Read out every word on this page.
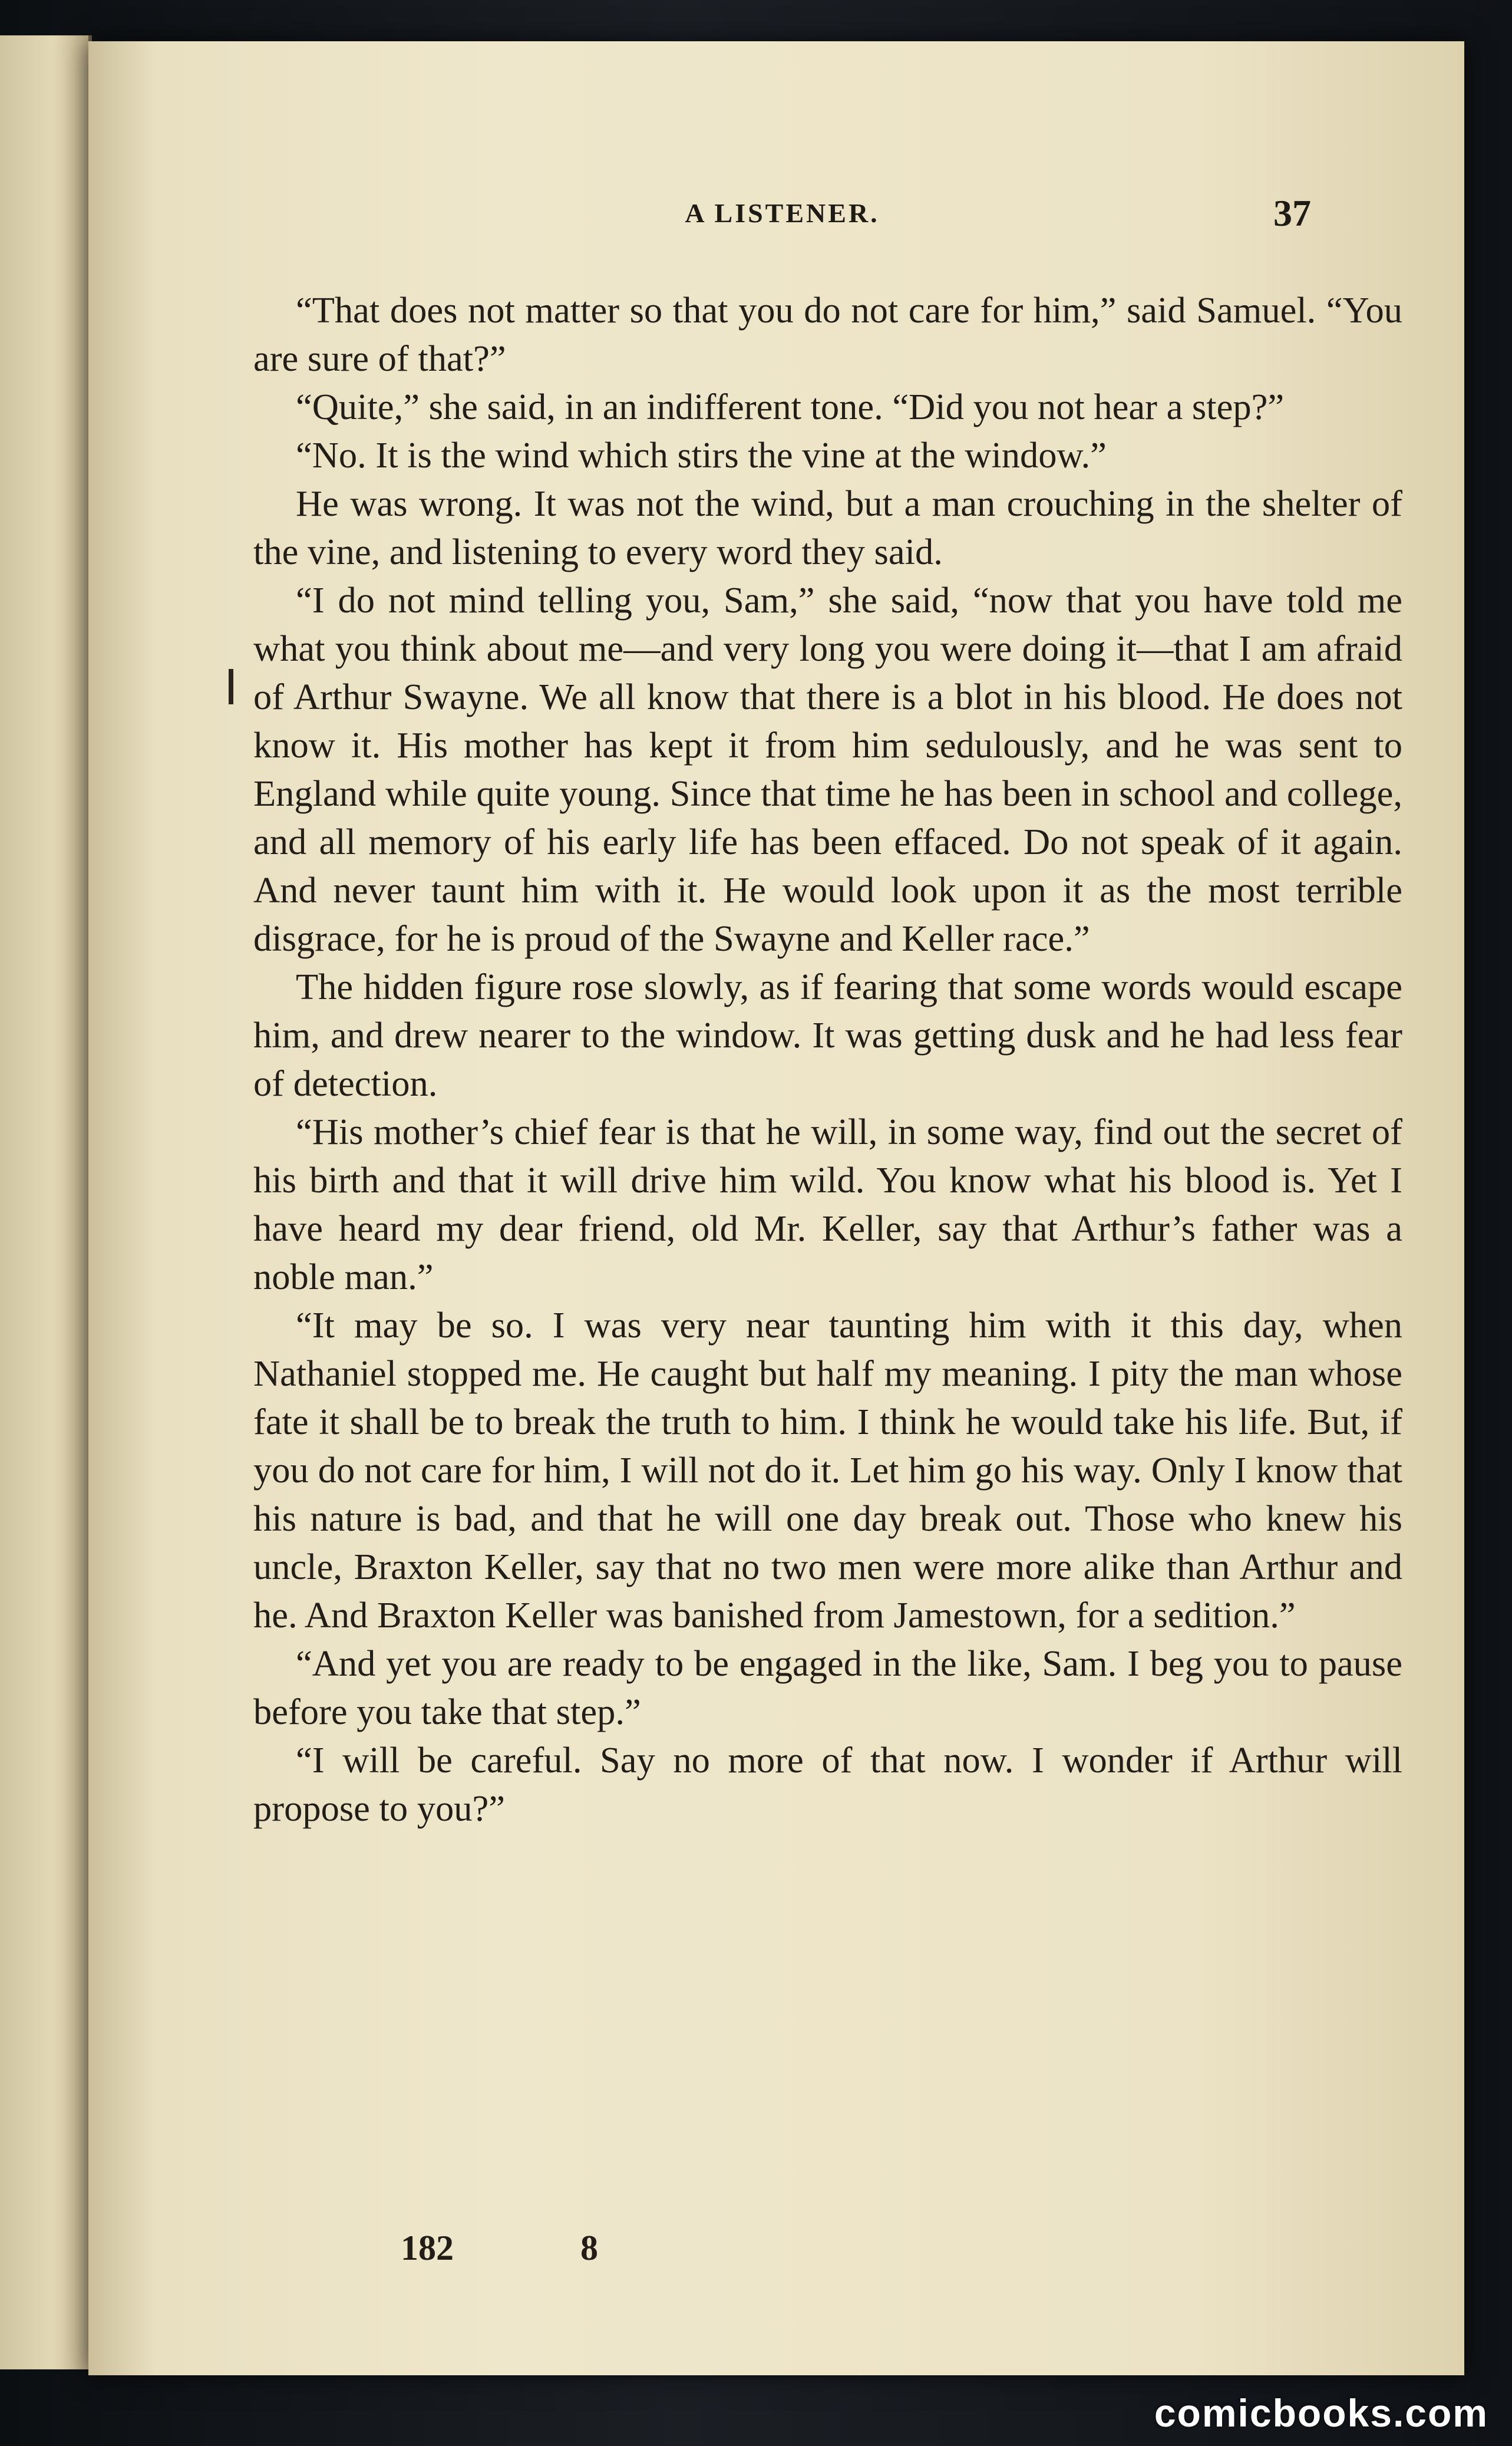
A LISTENER.	37

“That does not matter so that you do not care for him,” said Samuel. “You are sure of that?”

“Quite,” she said, in an indifferent tone. “Did you not hear a step?”

“No. It is the wind which stirs the vine at the window.”

He was wrong. It was not the wind, but a man crouching in the shelter of the vine, and listening to every word they said.

“I do not mind telling you, Sam,” she said, “now that you have told me what you think about me—and very long you were doing it—that I am afraid of Arthur Swayne. We all know that there is a blot in his blood. He does not know it. His mother has kept it from him sedulously, and he was sent to England while quite young. Since that time he has been in school and college, and all memory of his early life has been effaced. Do not speak of it again. And never taunt him with it. He would look upon it as the most terrible disgrace, for he is proud of the Swayne and Keller race.”

The hidden figure rose slowly, as if fearing that some words would escape him, and drew nearer to the window. It was getting dusk and he had less fear of detection.

“His mother’s chief fear is that he will, in some way, find out the secret of his birth and that it will drive him wild. You know what his blood is. Yet I have heard my dear friend, old Mr. Keller, say that Arthur’s father was a noble man.”

“It may be so. I was very near taunting him with it this day, when Nathaniel stopped me. He caught but half my meaning. I pity the man whose fate it shall be to break the truth to him. I think he would take his life. But, if you do not care for him, I will not do it. Let him go his way. Only I know that his nature is bad, and that he will one day break out. Those who knew his uncle, Braxton Keller, say that no two men were more alike than Arthur and he. And Braxton Keller was banished from Jamestown, for a sedition.”

“And yet you are ready to be engaged in the like, Sam. I beg you to pause before you take that step.”

“I will be careful. Say no more of that now. I wonder if Arthur will propose to you?”

182	8
comicbooks.com
